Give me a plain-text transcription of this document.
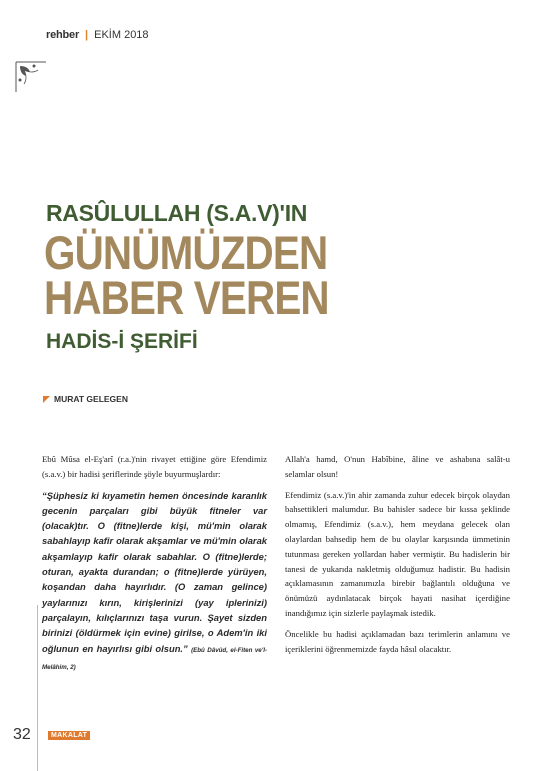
rehber | EKİM 2018
RASÛLULLAH (S.A.V)'IN
GÜNÜMÜZDEN
HABER VEREN
HADİS-İ ŞERİFİ
MURAT GELEGEN

Ebû Mûsa el-Eş'arî (r.a.)'nin rivayet ettiğine göre Efendimiz (s.a.v.) bir hadisi şeriflerinde şöyle buyurmuşlardır:

“Şüphesiz ki kıyametin hemen öncesinde karanlık gecenin parçaları gibi büyük fitneler var (olacak)tır. O (fitne)lerde kişi, mü'min olarak sabahlayıp kafir olarak akşamlar ve mü'min olarak akşamlayıp kafir olarak sabahlar. O (fitne)lerde; oturan, ayakta durandan; o (fitne)lerde yürüyen, koşandan daha hayırlıdır. (O zaman gelince) yaylarınızı kırın, kirişlerinizi (yay iplerinizi) parçalayın, kılıçlarınızı taşa vurun. Şayet sizden birinizi (öldürmek için evine) girilse, o Adem'in iki oğlunun en hayırlısı gibi olsun.” (Ebû Dâvûd, el-Fiten ve'l-Melâhim, 2)

Allah'a hamd, O'nun Habîbine, âline ve ashabına salât-u selamlar olsun!

Efendimiz (s.a.v.)'in ahir zamanda zuhur edecek birçok olaydan bahsettikleri malumdur. Bu bahisler sadece bir kıssa şeklinde olmamış, Efendimiz (s.a.v.), hem meydana gelecek olan olaylardan bahsedip hem de bu olaylar karşısında ümmetinin tutunması gereken yollardan haber vermiştir. Bu hadislerin bir tanesi de yukarıda nakletmiş olduğumuz hadistir. Bu hadisin açıklamasının zamanımızla birebir bağlantılı olduğuna ve önümüzü aydınlatacak birçok hayati nasihat içerdiğine inandığımız için sizlerle paylaşmak istedik.

Öncelikle bu hadisi açıklamadan bazı terimlerin anlamını ve içeriklerini öğrenmemizde fayda hâsıl olacaktır.

32	MAKALAT
